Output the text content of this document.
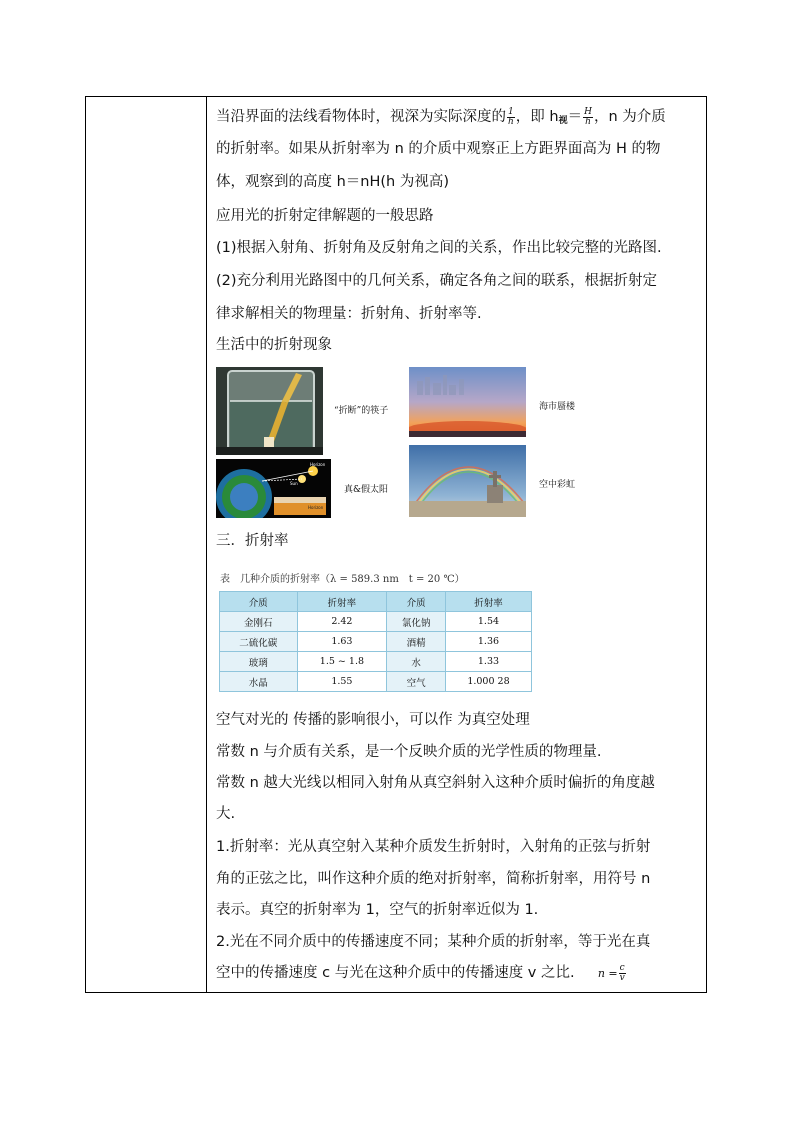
当沿界面的法线看物体时，视深为实际深度的 $\frac{1}{h}$ ，即 $h_视= \frac{H}{h}$ ，n 为介质
的折射率。如果从折射率为 n 的介质中观察正上方距界面高为 H 的物
体，观察到的高度 h＝nH(h 为视高)
应用光的折射定律解题的一般思路
(1)根据入射角、折射角及反射角之间的关系，作出比较完整的光路图.
(2)充分利用光路图中的几何关系，确定各角之间的联系，根据折射定
律求解相关的物理量：折射角、折射率等.
生活中的折射现象
“折断”的筷子	海市蜃楼
Horizon
Sun
Horizon
真&假太阳	空中彩虹
三．折射率
表　几种介质的折射率（λ = 589.3 nm　t = 20 ℃）
介质	折射率	介质	折射率
金刚石	2.42	氯化钠	1.54
二硫化碳	1.63	酒精	1.36
玻璃	1.5 ~ 1.8	水	1.33
水晶	1.55	空气	1.000 28
空气对光的 传播的影响很小，可以作 为真空处理
常数 n 与介质有关系，是一个反映介质的光学性质的物理量.
常数 n 越大光线以相同入射角从真空斜射入这种介质时偏折的角度越
大.
1.折射率：光从真空射入某种介质发生折射时，入射角的正弦与折射
角的正弦之比，叫作这种介质的绝对折射率，简称折射率，用符号 n
表示。真空的折射率为 1，空气的折射率近似为 1.
2.光在不同介质中的传播速度不同；某种介质的折射率，等于光在真
空中的传播速度 c 与光在这种介质中的传播速度 v 之比. $n = \frac{c}{v}$
